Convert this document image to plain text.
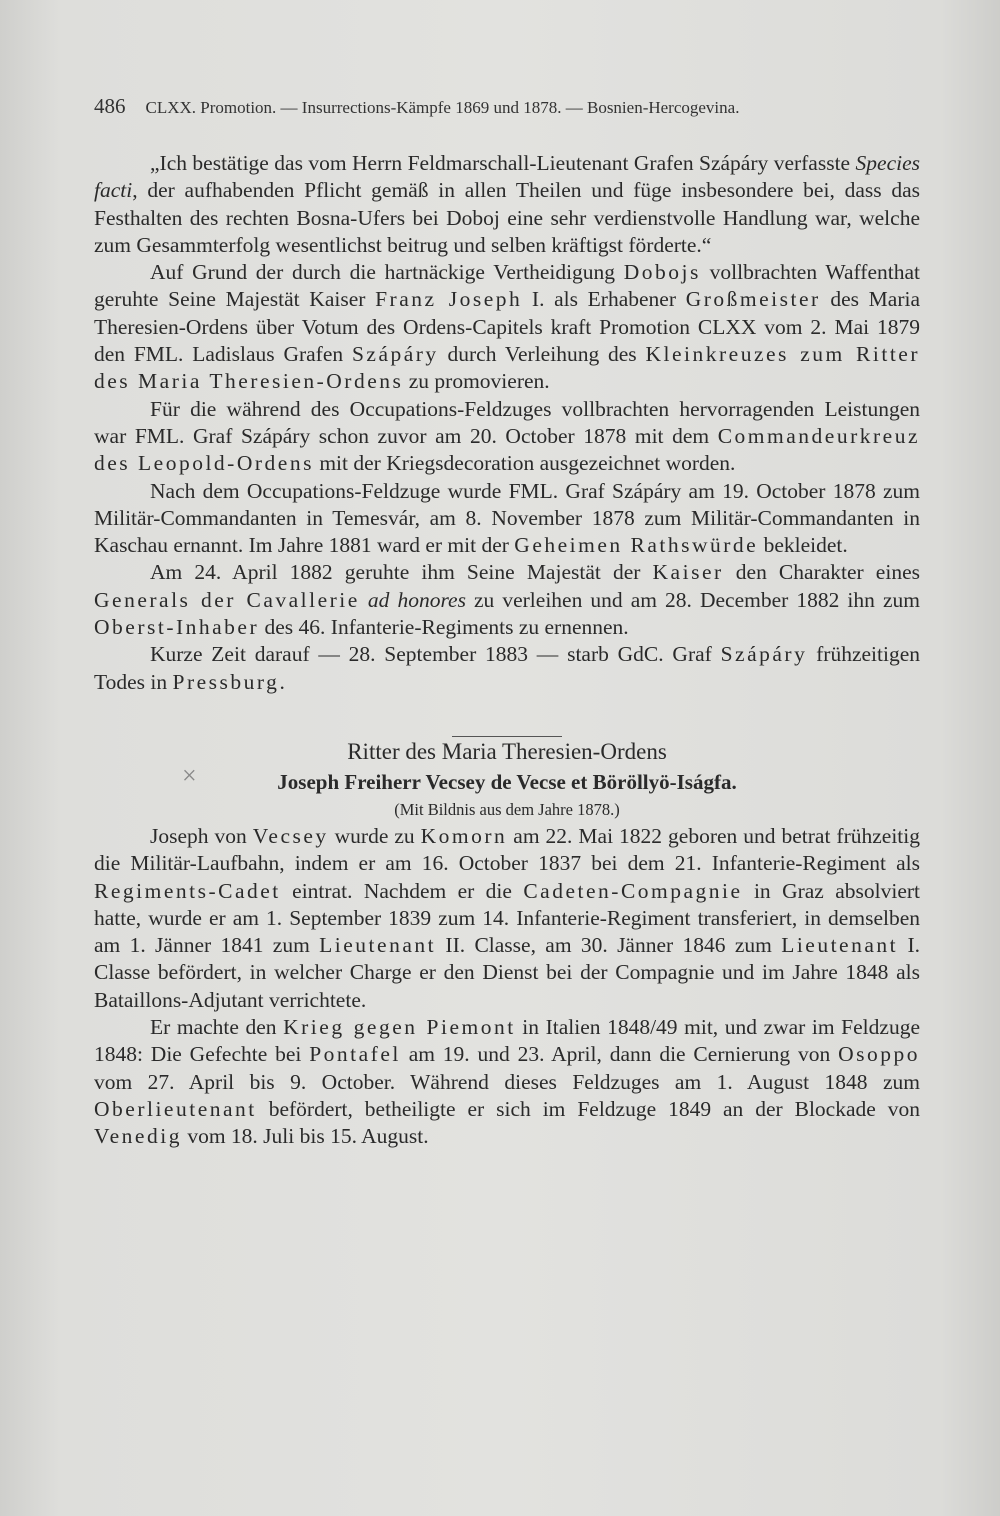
486 CLXX. Promotion. — Insurrections-Kämpfe 1869 und 1878. — Bosnien-Hercogevina.

„Ich bestätige das vom Herrn Feldmarschall-Lieutenant Grafen Szápáry verfasste Species facti, der aufhabenden Pflicht gemäß in allen Theilen und füge insbesondere bei, dass das Festhalten des rechten Bosna-Ufers bei Doboj eine sehr verdienstvolle Handlung war, welche zum Gesammterfolg wesentlichst beitrug und selben kräftigst förderte.“

Auf Grund der durch die hartnäckige Vertheidigung Dobojs vollbrachten Waffenthat geruhte Seine Majestät Kaiser Franz Joseph I. als Erhabener Großmeister des Maria Theresien-Ordens über Votum des Ordens-Capitels kraft Promotion CLXX vom 2. Mai 1879 den FML. Ladislaus Grafen Szápáry durch Verleihung des Kleinkreuzes zum Ritter des Maria Theresien-Ordens zu promovieren.

Für die während des Occupations-Feldzuges vollbrachten hervorragenden Leistungen war FML. Graf Szápáry schon zuvor am 20. October 1878 mit dem Commandeurkreuz des Leopold-Ordens mit der Kriegsdecoration ausgezeichnet worden.

Nach dem Occupations-Feldzuge wurde FML. Graf Szápáry am 19. October 1878 zum Militär-Commandanten in Temesvár, am 8. November 1878 zum Militär-Commandanten in Kaschau ernannt. Im Jahre 1881 ward er mit der Geheimen Rathswürde bekleidet.

Am 24. April 1882 geruhte ihm Seine Majestät der Kaiser den Charakter eines Generals der Cavallerie ad honores zu verleihen und am 28. December 1882 ihn zum Oberst-Inhaber des 46. Infanterie-Regiments zu ernennen.

Kurze Zeit darauf — 28. September 1883 — starb GdC. Graf Szápáry frühzeitigen Todes in Pressburg.

Ritter des Maria Theresien-Ordens

×	Joseph Freiherr Vecsey de Vecse et Böröllyö-Iságfa.

(Mit Bildnis aus dem Jahre 1878.)

Joseph von Vecsey wurde zu Komorn am 22. Mai 1822 geboren und betrat frühzeitig die Militär-Laufbahn, indem er am 16. October 1837 bei dem 21. Infanterie-Regiment als Regiments-Cadet eintrat. Nachdem er die Cadeten-Compagnie in Graz absolviert hatte, wurde er am 1. September 1839 zum 14. Infanterie-Regiment transferiert, in demselben am 1. Jänner 1841 zum Lieutenant II. Classe, am 30. Jänner 1846 zum Lieutenant I. Classe befördert, in welcher Charge er den Dienst bei der Compagnie und im Jahre 1848 als Bataillons-Adjutant verrichtete.

Er machte den Krieg gegen Piemont in Italien 1848/49 mit, und zwar im Feldzuge 1848: Die Gefechte bei Pontafel am 19. und 23. April, dann die Cernierung von Osoppo vom 27. April bis 9. October. Während dieses Feldzuges am 1. August 1848 zum Oberlieutenant befördert, betheiligte er sich im Feldzuge 1849 an der Blockade von Venedig vom 18. Juli bis 15. August.
